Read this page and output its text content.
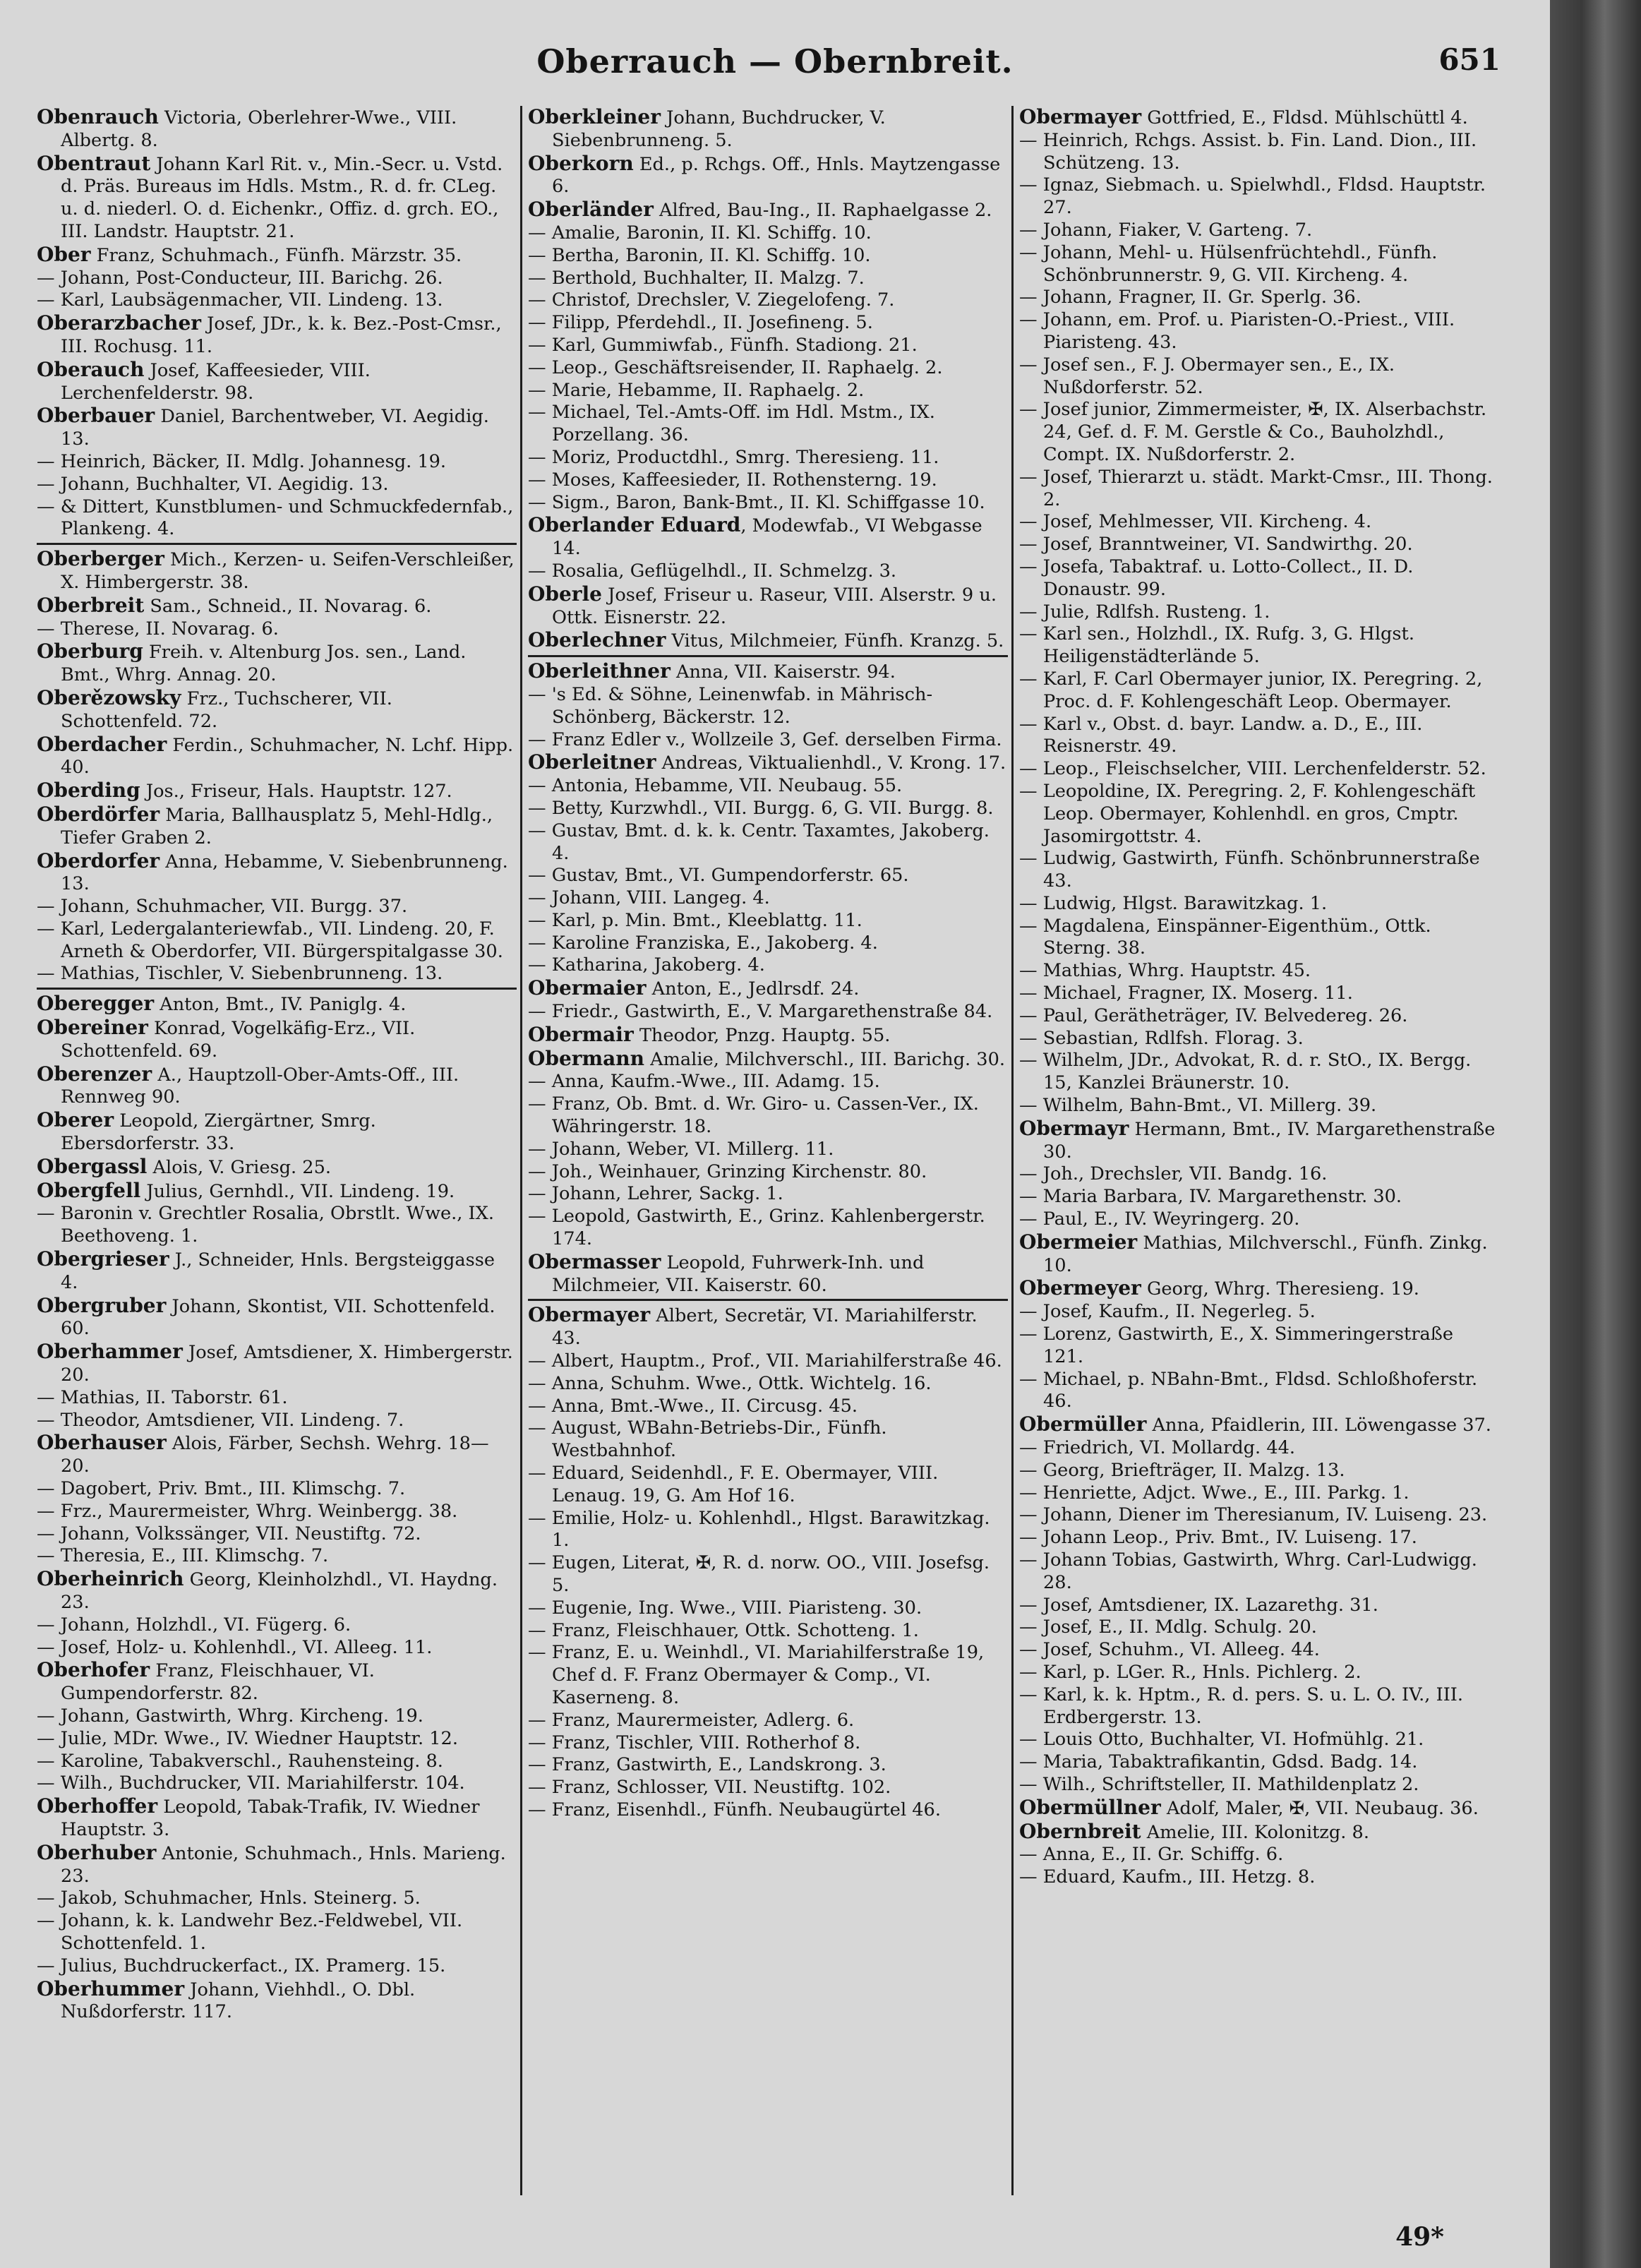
Oberrauch — Obernbreit.	651

Obenrauch Victoria, Oberlehrer-Wwe., VIII. Albertg. 8.

Obentraut Johann Karl Rit. v., Min.-Secr. u. Vstd. d. Präs. Bureaus im Hdls. Mstm., R. d. fr. CLeg. u. d. niederl. O. d. Eichenkr., Offiz. d. grch. EO., III. Landstr. Hauptstr. 21.

Ober Franz, Schuhmach., Fünfh. Märzstr. 35.

— Johann, Post-Conducteur, III. Barichg. 26.

— Karl, Laubsägenmacher, VII. Lindeng. 13.

Oberarzbacher Josef, JDr., k. k. Bez.-Post-Cmsr., III. Rochusg. 11.

Oberauch Josef, Kaffeesieder, VIII. Lerchenfelderstr. 98.

Oberbauer Daniel, Barchentweber, VI. Aegidig. 13.

— Heinrich, Bäcker, II. Mdlg. Johannesg. 19.

— Johann, Buchhalter, VI. Aegidig. 13.

— & Dittert, Kunstblumen- und Schmuckfedernfab., Plankeng. 4.

Oberberger Mich., Kerzen- u. Seifen-Verschleißer, X. Himbergerstr. 38.

Oberbreit Sam., Schneid., II. Novarag. 6.

— Therese, II. Novarag. 6.

Oberburg Freih. v. Altenburg Jos. sen., Land. Bmt., Whrg. Annag. 20.

Oberězowsky Frz., Tuchscherer, VII. Schottenfeld. 72.

Oberdacher Ferdin., Schuhmacher, N. Lchf. Hipp. 40.

Oberding Jos., Friseur, Hals. Hauptstr. 127.

Oberdörfer Maria, Ballhausplatz 5, Mehl-Hdlg., Tiefer Graben 2.

Oberdorfer Anna, Hebamme, V. Siebenbrunneng. 13.

— Johann, Schuhmacher, VII. Burgg. 37.

— Karl, Ledergalanteriewfab., VII. Lindeng. 20, F. Arneth & Oberdorfer, VII. Bürgerspitalgasse 30.

— Mathias, Tischler, V. Siebenbrunneng. 13.

Oberegger Anton, Bmt., IV. Paniglg. 4.

Obereiner Konrad, Vogelkäfig-Erz., VII. Schottenfeld. 69.

Oberenzer A., Hauptzoll-Ober-Amts-Off., III. Rennweg 90.

Oberer Leopold, Ziergärtner, Smrg. Ebersdorferstr. 33.

Obergassl Alois, V. Griesg. 25.

Obergfell Julius, Gernhdl., VII. Lindeng. 19.

— Baronin v. Grechtler Rosalia, Obrstlt. Wwe., IX. Beethoveng. 1.

Obergrieser J., Schneider, Hnls. Bergsteiggasse 4.

Obergruber Johann, Skontist, VII. Schottenfeld. 60.

Oberhammer Josef, Amtsdiener, X. Himbergerstr. 20.

— Mathias, II. Taborstr. 61.

— Theodor, Amtsdiener, VII. Lindeng. 7.

Oberhauser Alois, Färber, Sechsh. Wehrg. 18—20.

— Dagobert, Priv. Bmt., III. Klimschg. 7.

— Frz., Maurermeister, Whrg. Weinbergg. 38.

— Johann, Volkssänger, VII. Neustiftg. 72.

— Theresia, E., III. Klimschg. 7.

Oberheinrich Georg, Kleinholzhdl., VI. Haydng. 23.

— Johann, Holzhdl., VI. Fügerg. 6.

— Josef, Holz- u. Kohlenhdl., VI. Alleeg. 11.

Oberhofer Franz, Fleischhauer, VI. Gumpendorferstr. 82.

— Johann, Gastwirth, Whrg. Kircheng. 19.

— Julie, MDr. Wwe., IV. Wiedner Hauptstr. 12.

— Karoline, Tabakverschl., Rauhensteing. 8.

— Wilh., Buchdrucker, VII. Mariahilferstr. 104.

Oberhoffer Leopold, Tabak-Trafik, IV. Wiedner Hauptstr. 3.

Oberhuber Antonie, Schuhmach., Hnls. Marieng. 23.

— Jakob, Schuhmacher, Hnls. Steinerg. 5.

— Johann, k. k. Landwehr Bez.-Feldwebel, VII. Schottenfeld. 1.

— Julius, Buchdruckerfact., IX. Pramerg. 15.

Oberhummer Johann, Viehhdl., O. Dbl. Nußdorferstr. 117.

Oberkleiner Johann, Buchdrucker, V. Siebenbrunneng. 5.

Oberkorn Ed., p. Rchgs. Off., Hnls. Maytzengasse 6.

Oberländer Alfred, Bau-Ing., II. Raphaelgasse 2.

— Amalie, Baronin, II. Kl. Schiffg. 10.

— Bertha, Baronin, II. Kl. Schiffg. 10.

— Berthold, Buchhalter, II. Malzg. 7.

— Christof, Drechsler, V. Ziegelofeng. 7.

— Filipp, Pferdehdl., II. Josefineng. 5.

— Karl, Gummiwfab., Fünfh. Stadiong. 21.

— Leop., Geschäftsreisender, II. Raphaelg. 2.

— Marie, Hebamme, II. Raphaelg. 2.

— Michael, Tel.-Amts-Off. im Hdl. Mstm., IX. Porzellang. 36.

— Moriz, Productdhl., Smrg. Theresieng. 11.

— Moses, Kaffeesieder, II. Rothensterng. 19.

— Sigm., Baron, Bank-Bmt., II. Kl. Schiffgasse 10.

Oberlander Eduard, Modewfab., VI Webgasse 14.

— Rosalia, Geflügelhdl., II. Schmelzg. 3.

Oberle Josef, Friseur u. Raseur, VIII. Alserstr. 9 u. Ottk. Eisnerstr. 22.

Oberlechner Vitus, Milchmeier, Fünfh. Kranzg. 5.

Oberleithner Anna, VII. Kaiserstr. 94.

— 's Ed. & Söhne, Leinenwfab. in Mährisch-Schönberg, Bäckerstr. 12.

— Franz Edler v., Wollzeile 3, Gef. derselben Firma.

Oberleitner Andreas, Viktualienhdl., V. Krong. 17.

— Antonia, Hebamme, VII. Neubaug. 55.

— Betty, Kurzwhdl., VII. Burgg. 6, G. VII. Burgg. 8.

— Gustav, Bmt. d. k. k. Centr. Taxamtes, Jakoberg. 4.

— Gustav, Bmt., VI. Gumpendorferstr. 65.

— Johann, VIII. Langeg. 4.

— Karl, p. Min. Bmt., Kleeblattg. 11.

— Karoline Franziska, E., Jakoberg. 4.

— Katharina, Jakoberg. 4.

Obermaier Anton, E., Jedlrsdf. 24.

— Friedr., Gastwirth, E., V. Margarethenstraße 84.

Obermair Theodor, Pnzg. Hauptg. 55.

Obermann Amalie, Milchverschl., III. Barichg. 30.

— Anna, Kaufm.-Wwe., III. Adamg. 15.

— Franz, Ob. Bmt. d. Wr. Giro- u. Cassen-Ver., IX. Währingerstr. 18.

— Johann, Weber, VI. Millerg. 11.

— Joh., Weinhauer, Grinzing Kirchenstr. 80.

— Johann, Lehrer, Sackg. 1.

— Leopold, Gastwirth, E., Grinz. Kahlenbergerstr. 174.

Obermasser Leopold, Fuhrwerk-Inh. und Milchmeier, VII. Kaiserstr. 60.

Obermayer Albert, Secretär, VI. Mariahilferstr. 43.

— Albert, Hauptm., Prof., VII. Mariahilferstraße 46.

— Anna, Schuhm. Wwe., Ottk. Wichtelg. 16.

— Anna, Bmt.-Wwe., II. Circusg. 45.

— August, WBahn-Betriebs-Dir., Fünfh. Westbahnhof.

— Eduard, Seidenhdl., F. E. Obermayer, VIII. Lenaug. 19, G. Am Hof 16.

— Emilie, Holz- u. Kohlenhdl., Hlgst. Barawitzkag. 1.

— Eugen, Literat, ✠, R. d. norw. OO., VIII. Josefsg. 5.

— Eugenie, Ing. Wwe., VIII. Piaristeng. 30.

— Franz, Fleischhauer, Ottk. Schotteng. 1.

— Franz, E. u. Weinhdl., VI. Mariahilferstraße 19, Chef d. F. Franz Obermayer & Comp., VI. Kaserneng. 8.

— Franz, Maurermeister, Adlerg. 6.

— Franz, Tischler, VIII. Rotherhof 8.

— Franz, Gastwirth, E., Landskrong. 3.

— Franz, Schlosser, VII. Neustiftg. 102.

— Franz, Eisenhdl., Fünfh. Neubaugürtel 46.

Obermayer Gottfried, E., Fldsd. Mühlschüttl 4.

— Heinrich, Rchgs. Assist. b. Fin. Land. Dion., III. Schützeng. 13.

— Ignaz, Siebmach. u. Spielwhdl., Fldsd. Hauptstr. 27.

— Johann, Fiaker, V. Garteng. 7.

— Johann, Mehl- u. Hülsenfrüchtehdl., Fünfh. Schönbrunnerstr. 9, G. VII. Kircheng. 4.

— Johann, Fragner, II. Gr. Sperlg. 36.

— Johann, em. Prof. u. Piaristen-O.-Priest., VIII. Piaristeng. 43.

— Josef sen., F. J. Obermayer sen., E., IX. Nußdorferstr. 52.

— Josef junior, Zimmermeister, ✠, IX. Alserbachstr. 24, Gef. d. F. M. Gerstle & Co., Bauholzhdl., Compt. IX. Nußdorferstr. 2.

— Josef, Thierarzt u. städt. Markt-Cmsr., III. Thong. 2.

— Josef, Mehlmesser, VII. Kircheng. 4.

— Josef, Branntweiner, VI. Sandwirthg. 20.

— Josefa, Tabaktraf. u. Lotto-Collect., II. D. Donaustr. 99.

— Julie, Rdlfsh. Rusteng. 1.

— Karl sen., Holzhdl., IX. Rufg. 3, G. Hlgst. Heiligenstädterlände 5.

— Karl, F. Carl Obermayer junior, IX. Peregring. 2, Proc. d. F. Kohlengeschäft Leop. Obermayer.

— Karl v., Obst. d. bayr. Landw. a. D., E., III. Reisnerstr. 49.

— Leop., Fleischselcher, VIII. Lerchenfelderstr. 52.

— Leopoldine, IX. Peregring. 2, F. Kohlengeschäft Leop. Obermayer, Kohlenhdl. en gros, Cmptr. Jasomirgottstr. 4.

— Ludwig, Gastwirth, Fünfh. Schönbrunnerstraße 43.

— Ludwig, Hlgst. Barawitzkag. 1.

— Magdalena, Einspänner-Eigenthüm., Ottk. Sterng. 38.

— Mathias, Whrg. Hauptstr. 45.

— Michael, Fragner, IX. Moserg. 11.

— Paul, Gerätheträger, IV. Belvedereg. 26.

— Sebastian, Rdlfsh. Florag. 3.

— Wilhelm, JDr., Advokat, R. d. r. StO., IX. Bergg. 15, Kanzlei Bräunerstr. 10.

— Wilhelm, Bahn-Bmt., VI. Millerg. 39.

Obermayr Hermann, Bmt., IV. Margarethenstraße 30.

— Joh., Drechsler, VII. Bandg. 16.

— Maria Barbara, IV. Margarethenstr. 30.

— Paul, E., IV. Weyringerg. 20.

Obermeier Mathias, Milchverschl., Fünfh. Zinkg. 10.

Obermeyer Georg, Whrg. Theresieng. 19.

— Josef, Kaufm., II. Negerleg. 5.

— Lorenz, Gastwirth, E., X. Simmeringerstraße 121.

— Michael, p. NBahn-Bmt., Fldsd. Schloßhoferstr. 46.

Obermüller Anna, Pfaidlerin, III. Löwengasse 37.

— Friedrich, VI. Mollardg. 44.

— Georg, Briefträger, II. Malzg. 13.

— Henriette, Adjct. Wwe., E., III. Parkg. 1.

— Johann, Diener im Theresianum, IV. Luiseng. 23.

— Johann Leop., Priv. Bmt., IV. Luiseng. 17.

— Johann Tobias, Gastwirth, Whrg. Carl-Ludwigg. 28.

— Josef, Amtsdiener, IX. Lazarethg. 31.

— Josef, E., II. Mdlg. Schulg. 20.

— Josef, Schuhm., VI. Alleeg. 44.

— Karl, p. LGer. R., Hnls. Pichlerg. 2.

— Karl, k. k. Hptm., R. d. pers. S. u. L. O. IV., III. Erdbergerstr. 13.

— Louis Otto, Buchhalter, VI. Hofmühlg. 21.

— Maria, Tabaktrafikantin, Gdsd. Badg. 14.

— Wilh., Schriftsteller, II. Mathildenplatz 2.

Obermüllner Adolf, Maler, ✠, VII. Neubaug. 36.

Obernbreit Amelie, III. Kolonitzg. 8.

— Anna, E., II. Gr. Schiffg. 6.

— Eduard, Kaufm., III. Hetzg. 8.

49*
